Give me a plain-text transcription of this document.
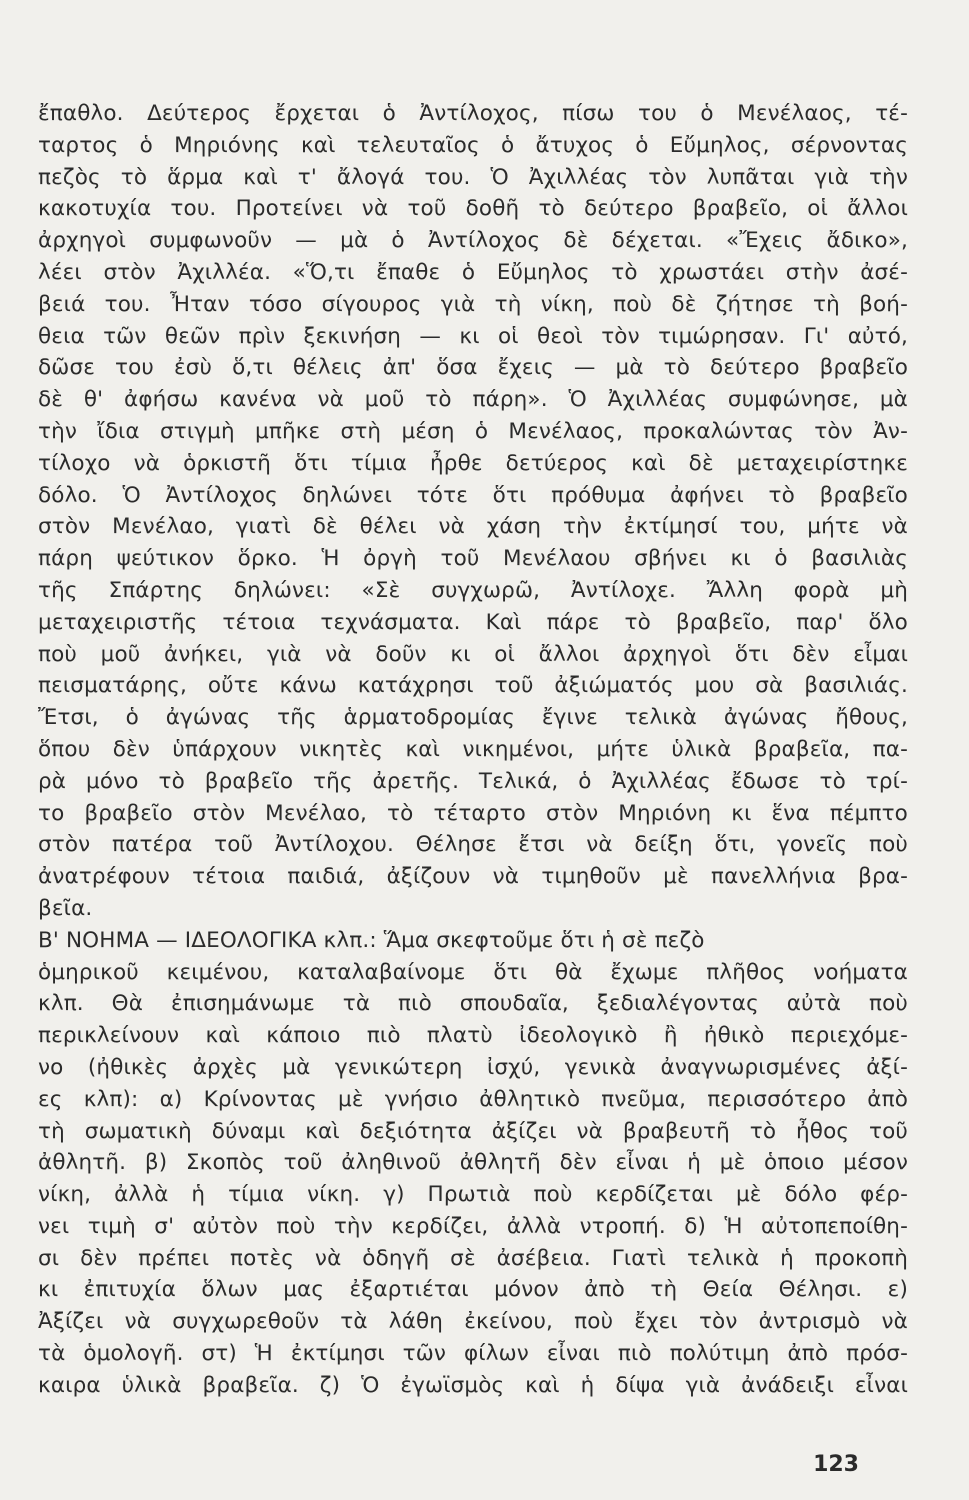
ἔπαθλο. Δεύτερος ἔρχεται ὁ Ἀντίλοχος, πίσω του ὁ Μενέλαος, τέ-
ταρτος ὁ Μηριόνης καὶ τελευταῖος ὁ ἄτυχος ὁ Εὔμηλος, σέρνοντας
πεζὸς τὸ ἅρμα καὶ τ' ἄλογά του. Ὁ Ἀχιλλέας τὸν λυπᾶται γιὰ τὴν
κακοτυχία του. Προτείνει νὰ τοῦ δοθῆ τὸ δεύτερο βραβεῖο, οἱ ἄλλοι
ἀρχηγοὶ συμφωνοῦν — μὰ ὁ Ἀντίλοχος δὲ δέχεται. «Ἔχεις ἄδικο»,
λέει στὸν Ἀχιλλέα. «Ὅ,τι ἔπαθε ὁ Εὔμηλος τὸ χρωστάει στὴν ἀσέ-
βειά του. Ἦταν τόσο σίγουρος γιὰ τὴ νίκη, ποὺ δὲ ζήτησε τὴ βοή-
θεια τῶν θεῶν πρὶν ξεκινήση — κι οἱ θεοὶ τὸν τιμώρησαν. Γι' αὐτό,
δῶσε του ἐσὺ ὅ,τι θέλεις ἀπ' ὅσα ἔχεις — μὰ τὸ δεύτερο βραβεῖο
δὲ θ' ἀφήσω κανένα νὰ μοῦ τὸ πάρη». Ὁ Ἀχιλλέας συμφώνησε, μὰ
τὴν ἴδια στιγμὴ μπῆκε στὴ μέση ὁ Μενέλαος, προκαλώντας τὸν Ἀν-
τίλοχο νὰ ὁρκιστῆ ὅτι τίμια ἦρθε δετύερος καὶ δὲ μεταχειρίστηκε
δόλο. Ὁ Ἀντίλοχος δηλώνει τότε ὅτι πρόθυμα ἀφήνει τὸ βραβεῖο
στὸν Μενέλαο, γιατὶ δὲ θέλει νὰ χάση τὴν ἐκτίμησί του, μήτε νὰ
πάρη ψεύτικον ὅρκο. Ἡ ὀργὴ τοῦ Μενέλαου σβήνει κι ὁ βασιλιὰς
τῆς Σπάρτης δηλώνει: «Σὲ συγχωρῶ, Ἀντίλοχε. Ἄλλη φορὰ μὴ
μεταχειριστῆς τέτοια τεχνάσματα. Καὶ πάρε τὸ βραβεῖο, παρ' ὅλο
ποὺ μοῦ ἀνήκει, γιὰ νὰ δοῦν κι οἱ ἄλλοι ἀρχηγοὶ ὅτι δὲν εἶμαι
πεισματάρης, οὔτε κάνω κατάχρησι τοῦ ἀξιώματός μου σὰ βασιλιάς.
Ἔτσι, ὁ ἀγώνας τῆς ἁρματοδρομίας ἔγινε τελικὰ ἀγώνας ἤθους,
ὅπου δὲν ὑπάρχουν νικητὲς καὶ νικημένοι, μήτε ὑλικὰ βραβεῖα, πα-
ρὰ μόνο τὸ βραβεῖο τῆς ἀρετῆς. Τελικά, ὁ Ἀχιλλέας ἔδωσε τὸ τρί-
το βραβεῖο στὸν Μενέλαο, τὸ τέταρτο στὸν Μηριόνη κι ἕνα πέμπτο
στὸν πατέρα τοῦ Ἀντίλοχου. Θέλησε ἔτσι νὰ δείξη ὅτι, γονεῖς ποὺ
ἀνατρέφουν τέτοια παιδιά, ἀξίζουν νὰ τιμηθοῦν μὲ πανελλήνια βρα-
βεῖα.
Β' ΝΟΗΜΑ — ΙΔΕΟΛΟΓΙΚΑ κλπ.: Ἅμα σκεφτοῦμε ὅτι ἡ σὲ πεζὸ
ὁμηρικοῦ κειμένου, καταλαβαίνομε ὅτι θὰ ἔχωμε πλῆθος νοήματα
κλπ. Θὰ ἐπισημάνωμε τὰ πιὸ σπουδαῖα, ξεδιαλέγοντας αὐτὰ ποὺ
περικλείνουν καὶ κάποιο πιὸ πλατὺ ἰδεολογικὸ ἢ ἠθικὸ περιεχόμε-
νο (ἠθικὲς ἀρχὲς μὰ γενικώτερη ἰσχύ, γενικὰ ἀναγνωρισμένες ἀξί-
ες κλπ): α) Κρίνοντας μὲ γνήσιο ἀθλητικὸ πνεῦμα, περισσότερο ἀπὸ
τὴ σωματικὴ δύναμι καὶ δεξιότητα ἀξίζει νὰ βραβευτῆ τὸ ἦθος τοῦ
ἀθλητῆ. β) Σκοπὸς τοῦ ἀληθινοῦ ἀθλητῆ δὲν εἶναι ἡ μὲ ὁποιο μέσον
νίκη, ἀλλὰ ἡ τίμια νίκη. γ) Πρωτιὰ ποὺ κερδίζεται μὲ δόλο φέρ-
νει τιμὴ σ' αὐτὸν ποὺ τὴν κερδίζει, ἀλλὰ ντροπή. δ) Ἡ αὐτοπεποίθη-
σι δὲν πρέπει ποτὲς νὰ ὁδηγῆ σὲ ἀσέβεια. Γιατὶ τελικὰ ἡ προκοπὴ
κι ἐπιτυχία ὅλων μας ἐξαρτιέται μόνον ἀπὸ τὴ Θεία Θέλησι. ε)
Ἀξίζει νὰ συγχωρεθοῦν τὰ λάθη ἐκείνου, ποὺ ἔχει τὸν ἀντρισμὸ νὰ
τὰ ὁμολογῆ. στ) Ἡ ἐκτίμησι τῶν φίλων εἶναι πιὸ πολύτιμη ἀπὸ πρόσ-
καιρα ὑλικὰ βραβεῖα. ζ) Ὁ ἐγωϊσμὸς καὶ ἡ δίψα γιὰ ἀνάδειξι εἶναι
123
